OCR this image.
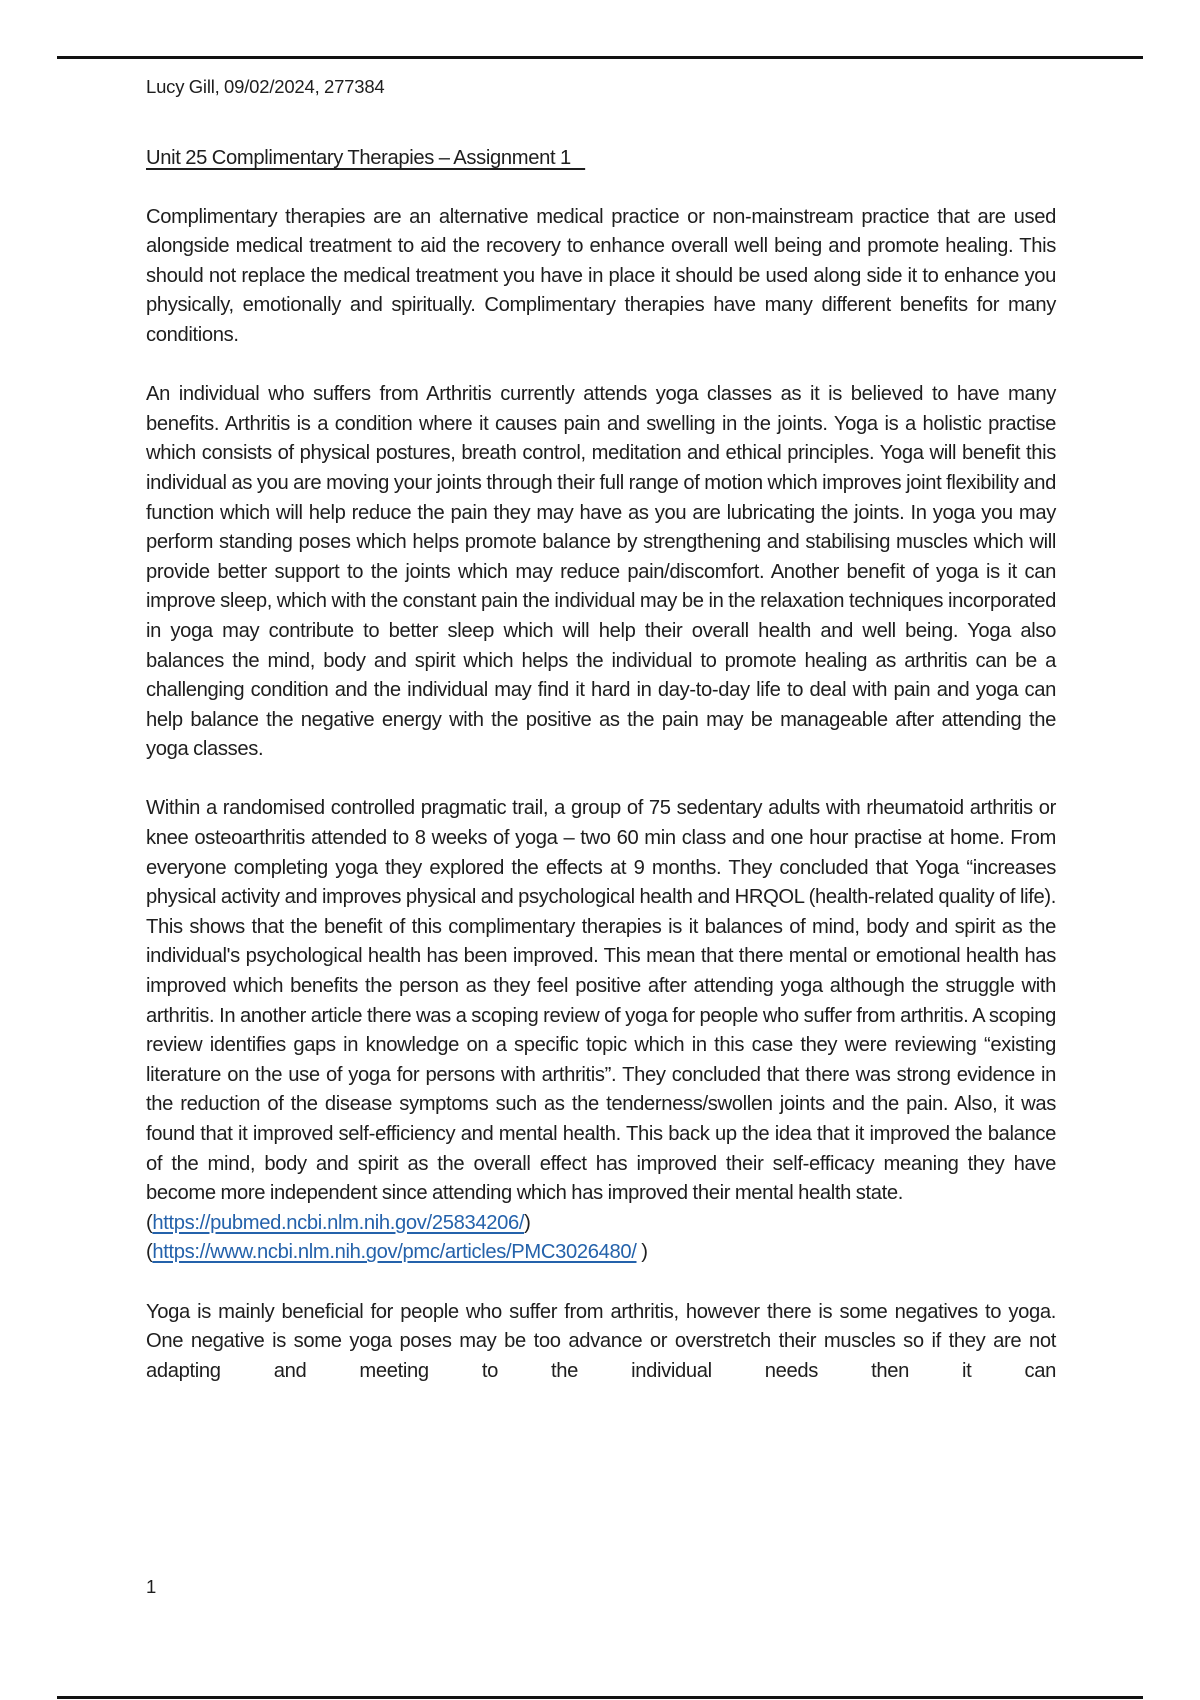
Lucy Gill, 09/02/2024, 277384

Unit 25 Complimentary Therapies – Assignment 1

Complimentary therapies are an alternative medical practice or non-mainstream practice that are used alongside medical treatment to aid the recovery to enhance overall well being and promote healing. This should not replace the medical treatment you have in place it should be used along side it to enhance you physically, emotionally and spiritually. Complimentary therapies have many different benefits for many conditions.

An individual who suffers from Arthritis currently attends yoga classes as it is believed to have many benefits. Arthritis is a condition where it causes pain and swelling in the joints. Yoga is a holistic practise which consists of physical postures, breath control, meditation and ethical principles. Yoga will benefit this individual as you are moving your joints through their full range of motion which improves joint flexibility and function which will help reduce the pain they may have as you are lubricating the joints. In yoga you may perform standing poses which helps promote balance by strengthening and stabilising muscles which will provide better support to the joints which may reduce pain/discomfort. Another benefit of yoga is it can improve sleep, which with the constant pain the individual may be in the relaxation techniques incorporated in yoga may contribute to better sleep which will help their overall health and well being. Yoga also balances the mind, body and spirit which helps the individual to promote healing as arthritis can be a challenging condition and the individual may find it hard in day-to-day life to deal with pain and yoga can help balance the negative energy with the positive as the pain may be manageable after attending the yoga classes.

Within a randomised controlled pragmatic trail, a group of 75 sedentary adults with rheumatoid arthritis or knee osteoarthritis attended to 8 weeks of yoga – two 60 min class and one hour practise at home. From everyone completing yoga they explored the effects at 9 months. They concluded that Yoga “increases physical activity and improves physical and psychological health and HRQOL (health-related quality of life). This shows that the benefit of this complimentary therapies is it balances of mind, body and spirit as the individual's psychological health has been improved. This mean that there mental or emotional health has improved which benefits the person as they feel positive after attending yoga although the struggle with arthritis. In another article there was a scoping review of yoga for people who suffer from arthritis. A scoping review identifies gaps in knowledge on a specific topic which in this case they were reviewing “existing literature on the use of yoga for persons with arthritis”. They concluded that there was strong evidence in the reduction of the disease symptoms such as the tenderness/swollen joints and the pain. Also, it was found that it improved self-efficiency and mental health. This back up the idea that it improved the balance of the mind, body and spirit as the overall effect has improved their self-efficacy meaning they have become more independent since attending which has improved their mental health state.

(https://pubmed.ncbi.nlm.nih.gov/25834206/)

(https://www.ncbi.nlm.nih.gov/pmc/articles/PMC3026480/ )

Yoga is mainly beneficial for people who suffer from arthritis, however there is some negatives to yoga. One negative is some yoga poses may be too advance or overstretch their muscles so if they are not adapting and meeting to the individual needs then it can

1
